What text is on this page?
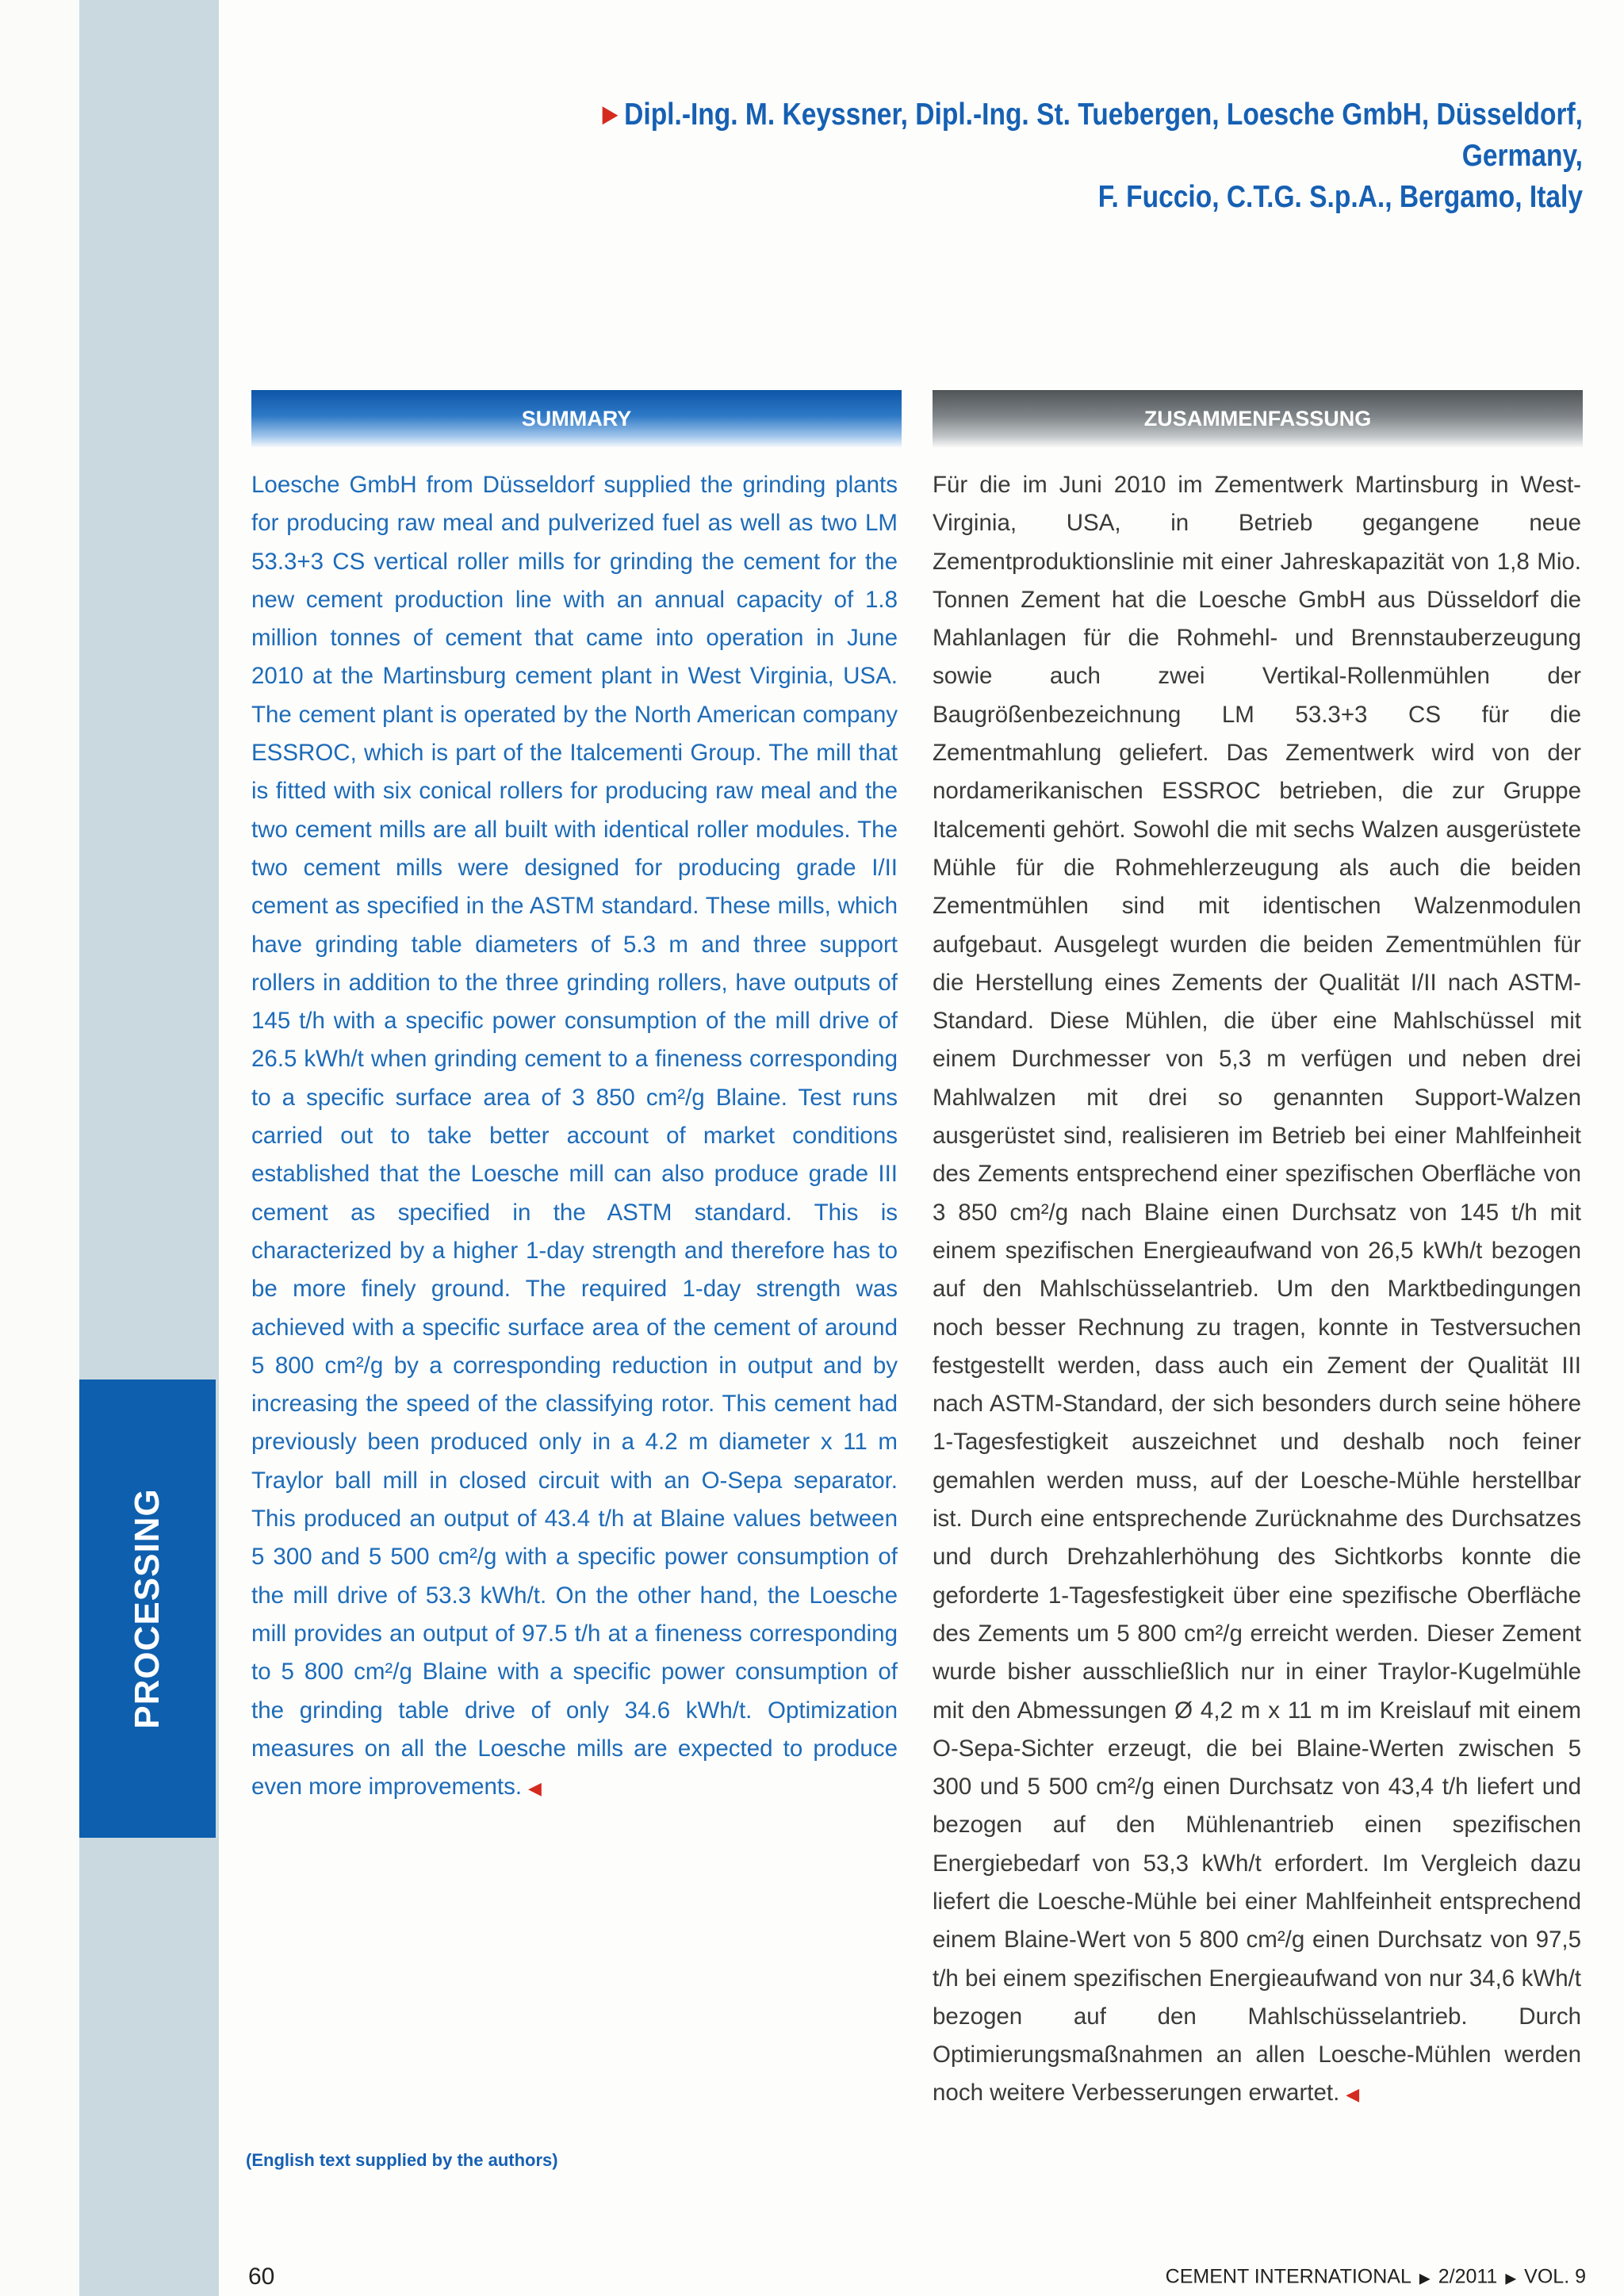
PROCESSING
▶ Dipl.-Ing. M. Keyssner, Dipl.-Ing. St. Tuebergen, Loesche GmbH, Düsseldorf, Germany,
F. Fuccio, C.T.G. S.p.A., Bergamo, Italy
SUMMARY	ZUSAMMENFASSUNG

Loesche GmbH from Düsseldorf supplied the grinding plants for producing raw meal and pulverized fuel as well as two LM 53.3+3 CS vertical roller mills for grinding the cement for the new cement production line with an annual capacity of 1.8 million tonnes of cement that came into operation in June 2010 at the Martinsburg cement plant in West Virginia, USA. The cement plant is operated by the North American company ESSROC, which is part of the Italcementi Group. The mill that is fitted with six conical rollers for producing raw meal and the two cement mills are all built with identical roller modules. The two cement mills were designed for producing grade I/II cement as specified in the ASTM standard. These mills, which have grinding table diameters of 5.3 m and three support rollers in addition to the three grinding rollers, have outputs of 145 t/h with a specific power consumption of the mill drive of 26.5 kWh/t when grinding cement to a fineness corresponding to a specific surface area of 3 850 cm²/g Blaine. Test runs carried out to take better account of market conditions established that the Loesche mill can also produce grade III cement as specified in the ASTM standard. This is characterized by a higher 1-day strength and therefore has to be more finely ground. The required 1-day strength was achieved with a specific surface area of the cement of around 5 800 cm²/g by a corresponding reduction in output and by increasing the speed of the classifying rotor. This cement had previously been produced only in a 4.2 m diameter x 11 m Traylor ball mill in closed circuit with an O-Sepa separator. This produced an output of 43.4 t/h at Blaine values between 5 300 and 5 500 cm²/g with a specific power consumption of the mill drive of 53.3 kWh/t. On the other hand, the Loesche mill provides an output of 97.5 t/h at a fineness corresponding to 5 800 cm²/g Blaine with a specific power consumption of the grinding table drive of only 34.6 kWh/t. Optimization measures on all the Loesche mills are expected to produce even more improvements. ◀

Für die im Juni 2010 im Zementwerk Martinsburg in West-Virginia, USA, in Betrieb gegangene neue Zementproduktionslinie mit einer Jahreskapazität von 1,8 Mio. Tonnen Zement hat die Loesche GmbH aus Düsseldorf die Mahlanlagen für die Rohmehl- und Brennstauberzeugung sowie auch zwei Vertikal-Rollenmühlen der Baugrößenbezeichnung LM 53.3+3 CS für die Zementmahlung geliefert. Das Zementwerk wird von der nordamerikanischen ESSROC betrieben, die zur Gruppe Italcementi gehört. Sowohl die mit sechs Walzen ausgerüstete Mühle für die Rohmehlerzeugung als auch die beiden Zementmühlen sind mit identischen Walzenmodulen aufgebaut. Ausgelegt wurden die beiden Zementmühlen für die Herstellung eines Zements der Qualität I/II nach ASTM-Standard. Diese Mühlen, die über eine Mahlschüssel mit einem Durchmesser von 5,3 m verfügen und neben drei Mahlwalzen mit drei so genannten Support-Walzen ausgerüstet sind, realisieren im Betrieb bei einer Mahlfeinheit des Zements entsprechend einer spezifischen Oberfläche von 3 850 cm²/g nach Blaine einen Durchsatz von 145 t/h mit einem spezifischen Energieaufwand von 26,5 kWh/t bezogen auf den Mahlschüsselantrieb. Um den Marktbedingungen noch besser Rechnung zu tragen, konnte in Testversuchen festgestellt werden, dass auch ein Zement der Qualität III nach ASTM-Standard, der sich besonders durch seine höhere 1-Tagesfestigkeit auszeichnet und deshalb noch feiner gemahlen werden muss, auf der Loesche-Mühle herstellbar ist. Durch eine entsprechende Zurücknahme des Durchsatzes und durch Drehzahlerhöhung des Sichtkorbs konnte die geforderte 1-Tagesfestigkeit über eine spezifische Oberfläche des Zements um 5 800 cm²/g erreicht werden. Dieser Zement wurde bisher ausschließlich nur in einer Traylor-Kugelmühle mit den Abmessungen Ø 4,2 m x 11 m im Kreislauf mit einem O-Sepa-Sichter erzeugt, die bei Blaine-Werten zwischen 5 300 und 5 500 cm²/g einen Durchsatz von 43,4 t/h liefert und bezogen auf den Mühlenantrieb einen spezifischen Energiebedarf von 53,3 kWh/t erfordert. Im Vergleich dazu liefert die Loesche-Mühle bei einer Mahlfeinheit entsprechend einem Blaine-Wert von 5 800 cm²/g einen Durchsatz von 97,5 t/h bei einem spezifischen Energieaufwand von nur 34,6 kWh/t bezogen auf den Mahlschüsselantrieb. Durch Optimierungsmaßnahmen an allen Loesche-Mühlen werden noch weitere Verbesserungen erwartet. ◀

(English text supplied by the authors)
60	CEMENT INTERNATIONAL ▶ 2/2011 ▶ VOL. 9
